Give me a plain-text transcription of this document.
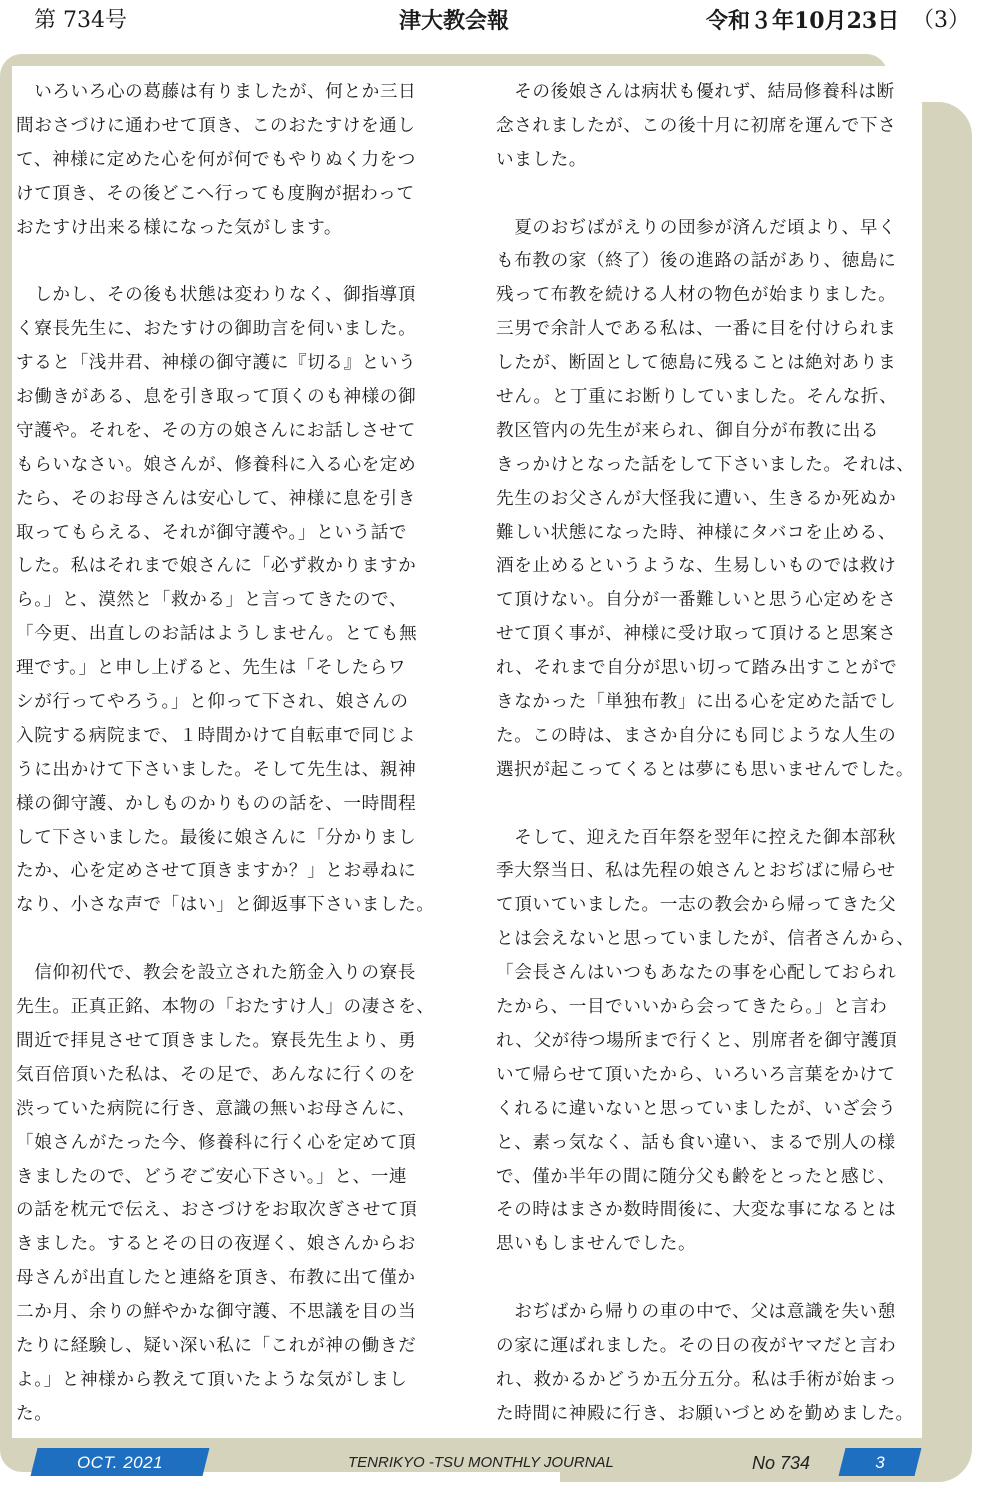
第 734号	津大教会報	令和３年10月23日 （3）
　いろいろ心の葛藤は有りましたが、何とか三日
間おさづけに通わせて頂き、このおたすけを通し
て、神様に定めた心を何が何でもやりぬく力をつ
けて頂き、その後どこへ行っても度胸が据わって
おたすけ出来る様になった気がします。
　しかし、その後も状態は変わりなく、御指導頂
く寮長先生に、おたすけの御助言を伺いました。
すると「浅井君、神様の御守護に『切る』という
お働きがある、息を引き取って頂くのも神様の御
守護や。それを、その方の娘さんにお話しさせて
もらいなさい。娘さんが、修養科に入る心を定め
たら、そのお母さんは安心して、神様に息を引き
取ってもらえる、それが御守護や。」という話で
した。私はそれまで娘さんに「必ず救かりますか
ら。」と、漠然と「救かる」と言ってきたので、
「今更、出直しのお話はようしません。とても無
理です。」と申し上げると、先生は「そしたらワ
シが行ってやろう。」と仰って下され、娘さんの
入院する病院まで、１時間かけて自転車で同じよ
うに出かけて下さいました。そして先生は、親神
様の御守護、かしものかりものの話を、一時間程
して下さいました。最後に娘さんに「分かりまし
たか、心を定めさせて頂きますか？」とお尋ねに
なり、小さな声で「はい」と御返事下さいました。
　信仰初代で、教会を設立された筋金入りの寮長
先生。正真正銘、本物の「おたすけ人」の凄さを、
間近で拝見させて頂きました。寮長先生より、勇
気百倍頂いた私は、その足で、あんなに行くのを
渋っていた病院に行き、意識の無いお母さんに、
「娘さんがたった今、修養科に行く心を定めて頂
きましたので、どうぞご安心下さい。」と、一連
の話を枕元で伝え、おさづけをお取次ぎさせて頂
きました。するとその日の夜遅く、娘さんからお
母さんが出直したと連絡を頂き、布教に出て僅か
二か月、余りの鮮やかな御守護、不思議を目の当
たりに経験し、疑い深い私に「これが神の働きだ
よ。」と神様から教えて頂いたような気がしまし
た。
　その後娘さんは病状も優れず、結局修養科は断
念されましたが、この後十月に初席を運んで下さ
いました。
　夏のおぢばがえりの団参が済んだ頃より、早く
も布教の家（終了）後の進路の話があり、徳島に
残って布教を続ける人材の物色が始まりました。
三男で余計人である私は、一番に目を付けられま
したが、断固として徳島に残ることは絶対ありま
せん。と丁重にお断りしていました。そんな折、
教区管内の先生が来られ、御自分が布教に出る
きっかけとなった話をして下さいました。それは、
先生のお父さんが大怪我に遭い、生きるか死ぬか
難しい状態になった時、神様にタバコを止める、
酒を止めるというような、生易しいものでは救け
て頂けない。自分が一番難しいと思う心定めをさ
せて頂く事が、神様に受け取って頂けると思案さ
れ、それまで自分が思い切って踏み出すことがで
きなかった「単独布教」に出る心を定めた話でし
た。この時は、まさか自分にも同じような人生の
選択が起こってくるとは夢にも思いませんでした。
　そして、迎えた百年祭を翌年に控えた御本部秋
季大祭当日、私は先程の娘さんとおぢばに帰らせ
て頂いていました。一志の教会から帰ってきた父
とは会えないと思っていましたが、信者さんから、
「会長さんはいつもあなたの事を心配しておられ
たから、一目でいいから会ってきたら。」と言わ
れ、父が待つ場所まで行くと、別席者を御守護頂
いて帰らせて頂いたから、いろいろ言葉をかけて
くれるに違いないと思っていましたが、いざ会う
と、素っ気なく、話も食い違い、まるで別人の様
で、僅か半年の間に随分父も齢をとったと感じ、
その時はまさか数時間後に、大変な事になるとは
思いもしませんでした。
　おぢばから帰りの車の中で、父は意識を失い憩
の家に運ばれました。その日の夜がヤマだと言わ
れ、救かるかどうか五分五分。私は手術が始まっ
た時間に神殿に行き、お願いづとめを勤めました。
OCT. 2021	TENRIKYO -TSU MONTHLY JOURNAL	No 734	3
